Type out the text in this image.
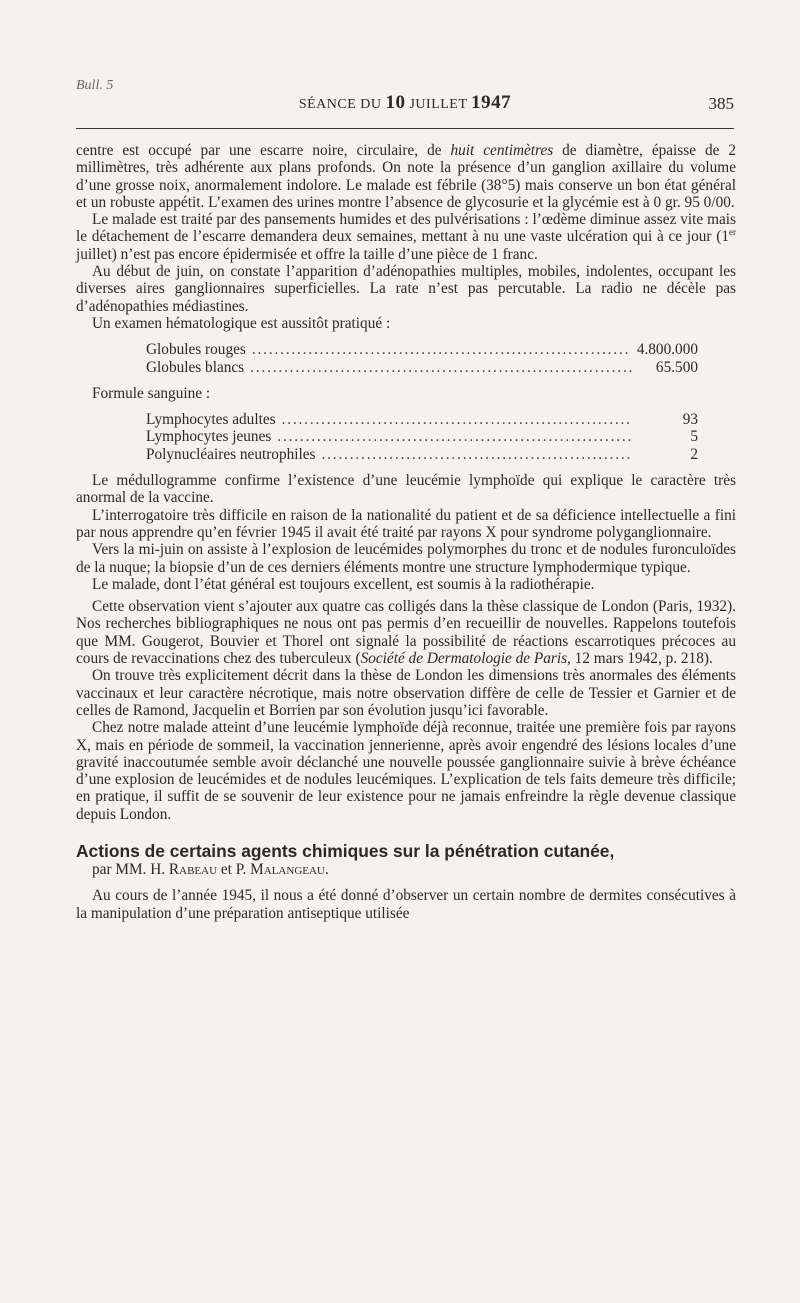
Bull. 5
SÉANCE DU 10 JUILLET 1947	385

centre est occupé par une escarre noire, circulaire, de huit centimètres de diamètre, épaisse de 2 millimètres, très adhérente aux plans profonds. On note la présence d’un ganglion axillaire du volume d’une grosse noix, anormalement indolore. Le malade est fébrile (38°5) mais conserve un bon état général et un robuste appétit. L’examen des urines montre l’absence de glycosurie et la glycémie est à 0 gr. 95 0/00.

Le malade est traité par des pansements humides et des pulvérisations : l’œdème diminue assez vite mais le détachement de l’escarre demandera deux semaines, mettant à nu une vaste ulcération qui à ce jour (1er juillet) n’est pas encore épidermisée et offre la taille d’une pièce de 1 franc.

Au début de juin, on constate l’apparition d’adénopathies multiples, mobiles, indolentes, occupant les diverses aires ganglionnaires superficielles. La rate n’est pas percutable. La radio ne décèle pas d’adénopathies médiastines.

Un examen hématologique est aussitôt pratiqué :

Globules rouges . . .	4.800.000
Globules blancs . . .	65.500

Formule sanguine :

Lymphocytes adultes . . .	93
Lymphocytes jeunes . . .	5
Polynucléaires neutrophiles . . .	2

Le médullogramme confirme l’existence d’une leucémie lymphoïde qui explique le caractère très anormal de la vaccine.

L’interrogatoire très difficile en raison de la nationalité du patient et de sa déficience intellectuelle a fini par nous apprendre qu’en février 1945 il avait été traité par rayons X pour syndrome polyganglionnaire.

Vers la mi-juin on assiste à l’explosion de leucémides polymorphes du tronc et de nodules furonculoïdes de la nuque; la biopsie d’un de ces derniers éléments montre une structure lymphodermique typique.

Le malade, dont l’état général est toujours excellent, est soumis à la radiothérapie.

Cette observation vient s’ajouter aux quatre cas colligés dans la thèse classique de London (Paris, 1932). Nos recherches bibliographiques ne nous ont pas permis d’en recueillir de nouvelles. Rappelons toutefois que MM. Gougerot, Bouvier et Thorel ont signalé la possibilité de réactions escarrotiques précoces au cours de revaccinations chez des tuberculeux (Société de Dermatologie de Paris, 12 mars 1942, p. 218).

On trouve très explicitement décrit dans la thèse de London les dimensions très anormales des éléments vaccinaux et leur caractère nécrotique, mais notre observation diffère de celle de Tessier et Garnier et de celles de Ramond, Jacquelin et Borrien par son évolution jusqu’ici favorable.

Chez notre malade atteint d’une leucémie lymphoïde déjà reconnue, traitée une première fois par rayons X, mais en période de sommeil, la vaccination jennerienne, après avoir engendré des lésions locales d’une gravité inaccoutumée semble avoir déclanché une nouvelle poussée ganglionnaire suivie à brève échéance d’une explosion de leucémides et de nodules leucémiques. L’explication de tels faits demeure très difficile; en pratique, il suffit de se souvenir de leur existence pour ne jamais enfreindre la règle devenue classique depuis London.

Actions de certains agents chimiques sur la pénétration cutanée,

par MM. H. Rabeau et P. Malangeau.

Au cours de l’année 1945, il nous a été donné d’observer un certain nombre de dermites consécutives à la manipulation d’une préparation antiseptique utilisée
